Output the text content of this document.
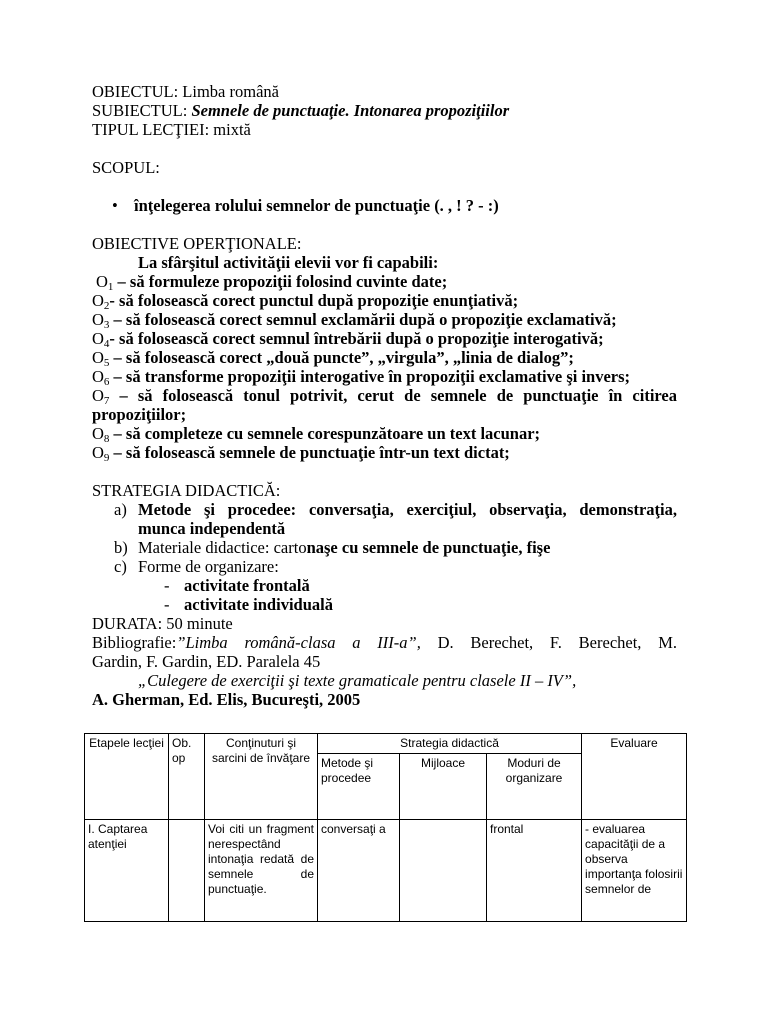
OBIECTUL: Limba română
SUBIECTUL: Semnele de punctuaţie. Intonarea propoziţiilor
TIPUL LECŢIEI: mixtă
SCOPUL:
• înţelegerea rolului semnelor de punctuaţie (. , ! ? - :)
OBIECTIVE OPERŢIONALE:
La sfârşitul activităţii elevii vor fi capabili:
$O_1$ – să formuleze propoziţii folosind cuvinte date;
$O_2-$ să folosească corect punctul după propoziţie enunţiativă;
$O_3$ – să folosească corect semnul exclamării după o propoziţie exclamativă;
$O_4-$ să folosească corect semnul întrebării după o propoziţie interogativă;
$O_5$ – să folosească corect „două puncte”, „virgula”, „linia de dialog”;
$O_6$ – să transforme propoziţii interogative în propoziţii exclamative şi invers;
$O_7$ – să folosească tonul potrivit, cerut de semnele de punctuaţie în citirea
propoziţiilor;
$O_8$ – să completeze cu semnele corespunzătoare un text lacunar;
$O_9$ – să folosească semnele de punctuaţie într-un text dictat;
STRATEGIA DIDACTICĂ:
a) Metode şi procedee: conversaţia, exerciţiul, observaţia, demonstraţia,
munca independentă
b) Materiale didactice: cartonaşe cu semnele de punctuaţie, fişe
c) Forme de organizare:
- activitate frontală
- activitate individuală
DURATA: 50 minute
Bibliografie:”Limba română-clasa a III-a”, D. Berechet, F. Berechet, M.
Gardin, F. Gardin, ED. Paralela 45
„Culegere de exerciţii şi texte gramaticale pentru clasele II – IV”,
A. Gherman, Ed. Elis, Bucureşti, 2005
Etapele lecţiei	Ob. op	Conţinuturi şi sarcini de învăţare	Strategia didactică			Evaluare
			Metode şi procedee	Mijloace	Moduri de organizare	
I. Captarea atenţiei		Voi citi un fragment nerespectând intonaţia redată de semnele de punctuaţie.	conversaţi a		frontal	- evaluarea capacităţii de a observa importanţa folosirii semnelor de
